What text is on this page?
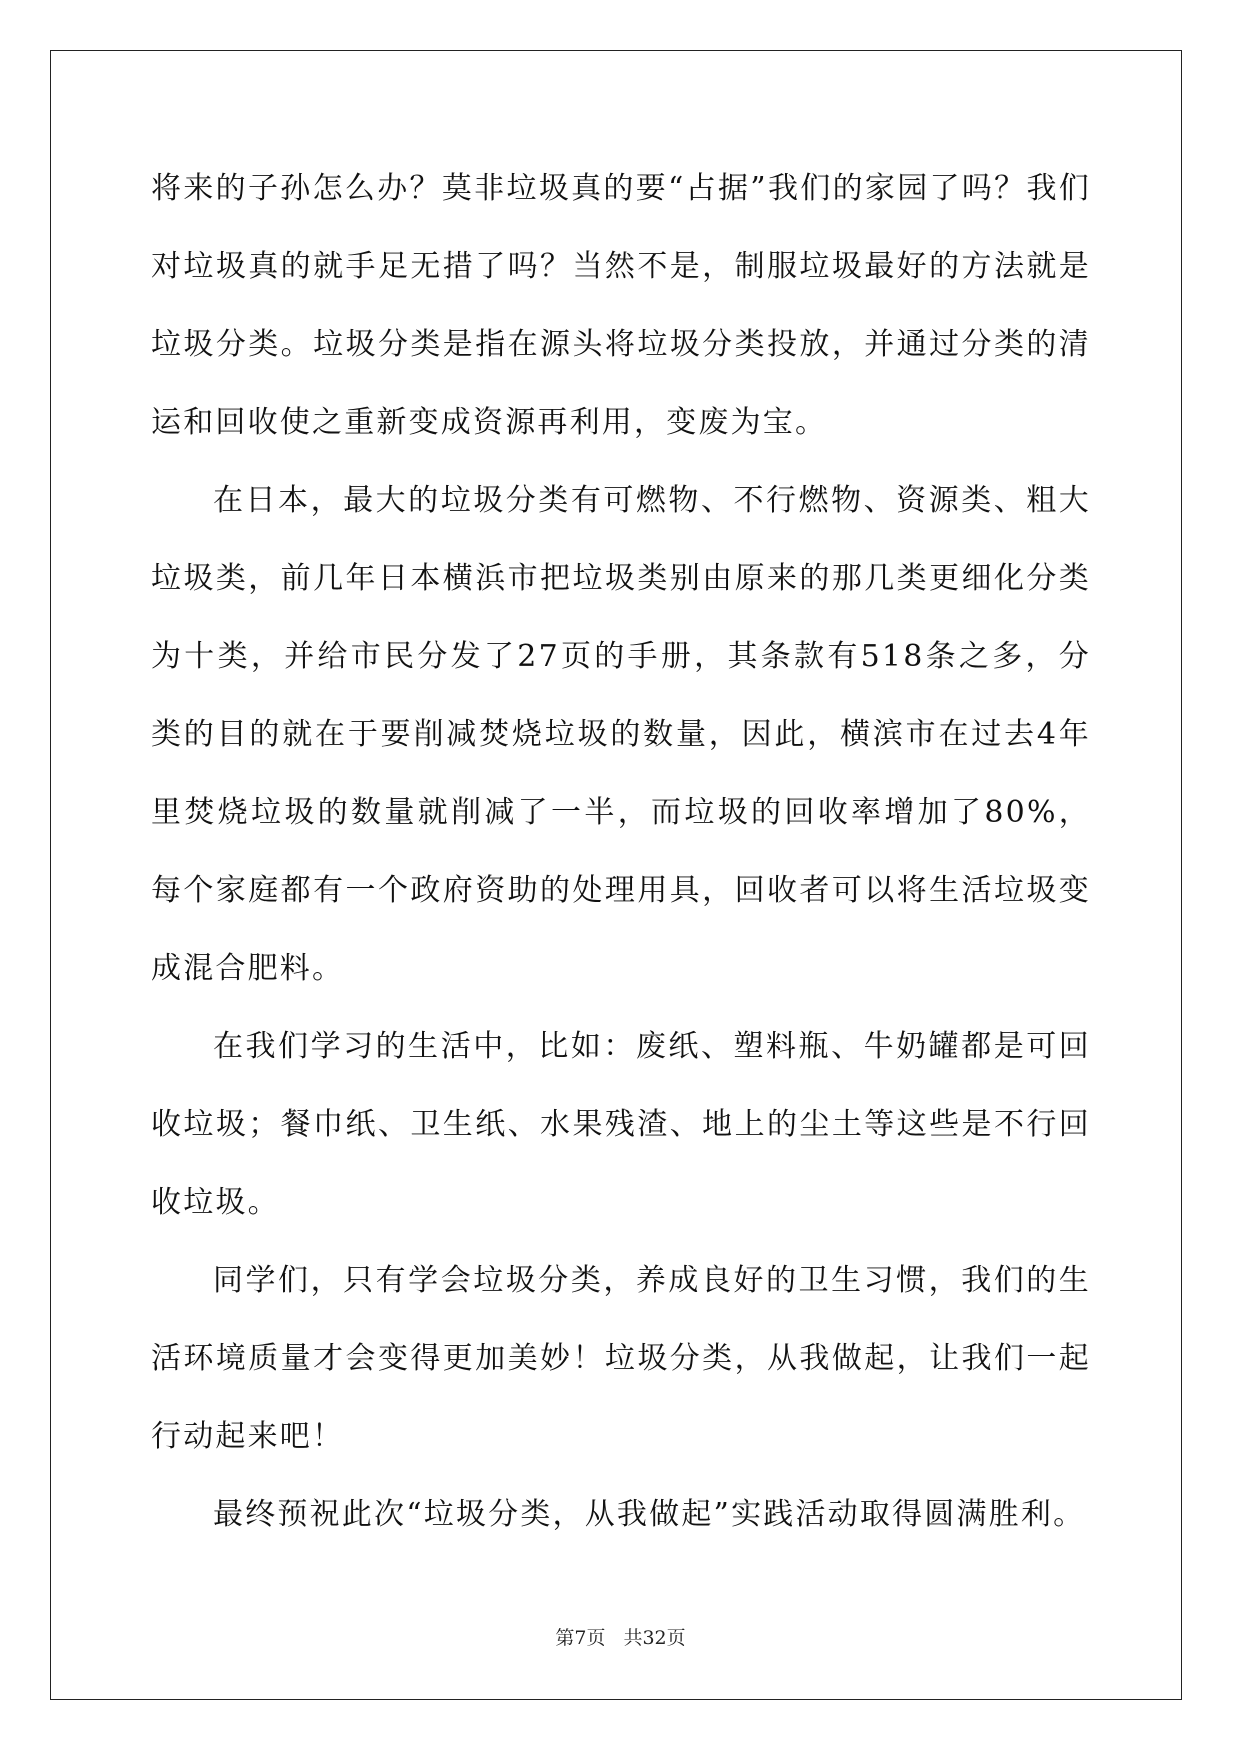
将来的子孙怎么办？莫非垃圾真的要“占据”我们的家园了吗？我们对垃圾真的就手足无措了吗？当然不是，制服垃圾最好的方法就是垃圾分类。垃圾分类是指在源头将垃圾分类投放，并通过分类的清运和回收使之重新变成资源再利用，变废为宝。

在日本，最大的垃圾分类有可燃物、不行燃物、资源类、粗大垃圾类，前几年日本横浜市把垃圾类别由原来的那几类更细化分类为十类，并给市民分发了27页的手册，其条款有518条之多，分类的目的就在于要削减焚烧垃圾的数量，因此，横滨市在过去4年里焚烧垃圾的数量就削减了一半，而垃圾的回收率增加了80%，每个家庭都有一个政府资助的处理用具，回收者可以将生活垃圾变成混合肥料。

在我们学习的生活中，比如：废纸、塑料瓶、牛奶罐都是可回收垃圾；餐巾纸、卫生纸、水果残渣、地上的尘土等这些是不行回收垃圾。

同学们，只有学会垃圾分类，养成良好的卫生习惯，我们的生活环境质量才会变得更加美妙！垃圾分类，从我做起，让我们一起行动起来吧！

最终预祝此次“垃圾分类，从我做起”实践活动取得圆满胜利。

第7页 共32页
